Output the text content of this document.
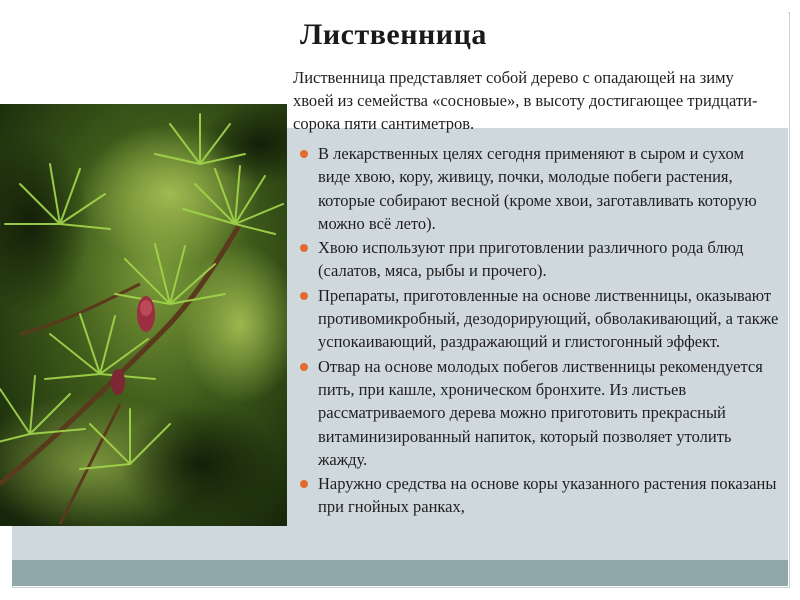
Лиственница

Лиственница представляет собой дерево с опадающей на зиму хвоей из семейства «сосновые», в высоту достигающее тридцати-сорока пяти сантиметров.

В лекарственных целях сегодня применяют в сыром и сухом виде хвою, кору, живицу, почки, молодые побеги растения, которые собирают весной (кроме хвои, заготавливать которую можно всё лето).
Хвою используют при приготовлении различного рода блюд (салатов, мяса, рыбы и прочего).
Препараты, приготовленные на основе лиственницы, оказывают противомикробный, дезодорирующий, обволакивающий, а также успокаивающий, раздражающий и глистогонный эффект.
Отвар на основе молодых побегов лиственницы рекомендуется пить, при кашле, хроническом бронхите. Из листьев рассматриваемого дерева можно приготовить прекрасный витаминизированный напиток, который позволяет утолить жажду.
Наружно средства на основе коры указанного растения показаны при гнойных ранках,
